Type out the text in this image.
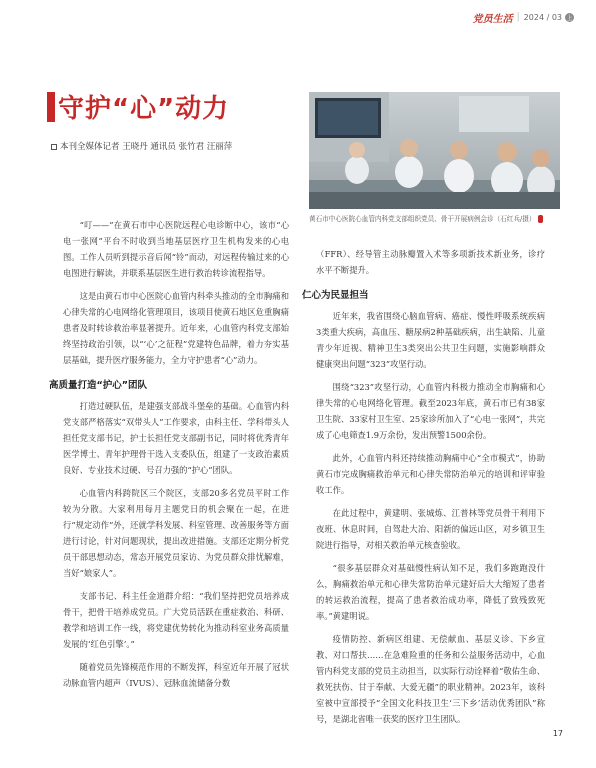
党员生活 | 2024 / 03 上
守护“心”动力
本刊全媒体记者 王晓丹 通讯员 张竹君 汪丽萍
黄石市中心医院心血管内科党支部组织党员、骨干开展病例会诊（石红兵/摄）

“叮——”在黄石市中心医院远程心电诊断中心，该市“心电一张网”平台不时收到当地基层医疗卫生机构发来的心电图。工作人员听到提示音后闻“铃”而动，对远程传输过来的心电图进行解读，并联系基层医生进行救治转诊流程指导。

这是由黄石市中心医院心血管内科牵头推动的全市胸痛和心律失常的心电网络化管理项目，该项目使黄石地区危重胸痛患者及时转诊救治率显著提升。近年来，心血管内科党支部始终坚持政治引领，以“‘心’之征程”党建特色品牌，着力夯实基层基础，提升医疗服务能力，全力守护患者“心”动力。

高质量打造“护心”团队

打造过硬队伍，是建强支部战斗堡垒的基础。心血管内科党支部严格落实“双带头人”工作要求，由科主任、学科带头人担任党支部书记，护士长担任党支部副书记，同时将优秀青年医学博士、青年护理骨干选入支委队伍，组建了一支政治素质良好、专业技术过硬、号召力强的“护心”团队。

心血管内科跨院区三个院区，支部20多名党员平时工作较为分散。大家利用每月主题党日的机会聚在一起，在进行“规定动作”外，还就学科发展、科室管理、改善服务等方面进行讨论，针对问题现状，提出改进措施。支部还定期分析党员干部思想动态，常态开展党员家访、为党员群众排忧解难，当好“娘家人”。

支部书记、科主任金道群介绍：“我们坚持把党员培养成骨干，把骨干培养成党员。广大党员活跃在重症救治、科研、教学和培训工作一线，将党建优势转化为推动科室业务高质量发展的‘红色引擎’。”

随着党员先锋模范作用的不断发挥，科室近年开展了冠状动脉血管内超声（IVUS）、冠脉血流储备分数

（FFR）、经导管主动脉瓣置入术等多项新技术新业务，诊疗水平不断提升。

仁心为民显担当

近年来，我省围绕心脑血管病、癌症、慢性呼吸系统疾病3类重大疾病，高血压、糖尿病2种基础疾病，出生缺陷、儿童青少年近视、精神卫生3类突出公共卫生问题，实施影响群众健康突出问题“323”攻坚行动。

围绕“323”攻坚行动，心血管内科极力推动全市胸痛和心律失常的心电网络化管理。截至2023年底，黄石市已有38家卫生院、33家村卫生室、25家诊所加入了“心电一张网”，共完成了心电筛查1.9万余份，发出预警1500余份。

此外，心血管内科还持续推动胸痛中心“全市模式”，协助黄石市完成胸痛救治单元和心律失常防治单元的培训和评审验收工作。

在此过程中，黄建明、张城炼、江普林等党员骨干利用下夜班、休息时间，自驾赴大冶、阳新的偏远山区，对乡镇卫生院进行指导，对相关救治单元核查验收。

“很多基层群众对基础慢性病认知不足，我们多跑跑没什么，胸痛救治单元和心律失常防治单元建好后大大缩短了患者的转运救治流程，提高了患者救治成功率，降低了致残致死率。”黄建明说。

疫情防控、新病区组建、无偿献血、基层义诊、下乡宣教、对口帮扶……在急难险重的任务和公益服务活动中，心血管内科党支部的党员主动担当，以实际行动诠释着“敬佑生命、救死扶伤、甘于奉献、大爱无疆”的职业精神。2023年，该科室被中宣部授予“全国文化科技卫生‘三下乡’活动优秀团队”称号，是湖北省唯一获奖的医疗卫生团队。

17
